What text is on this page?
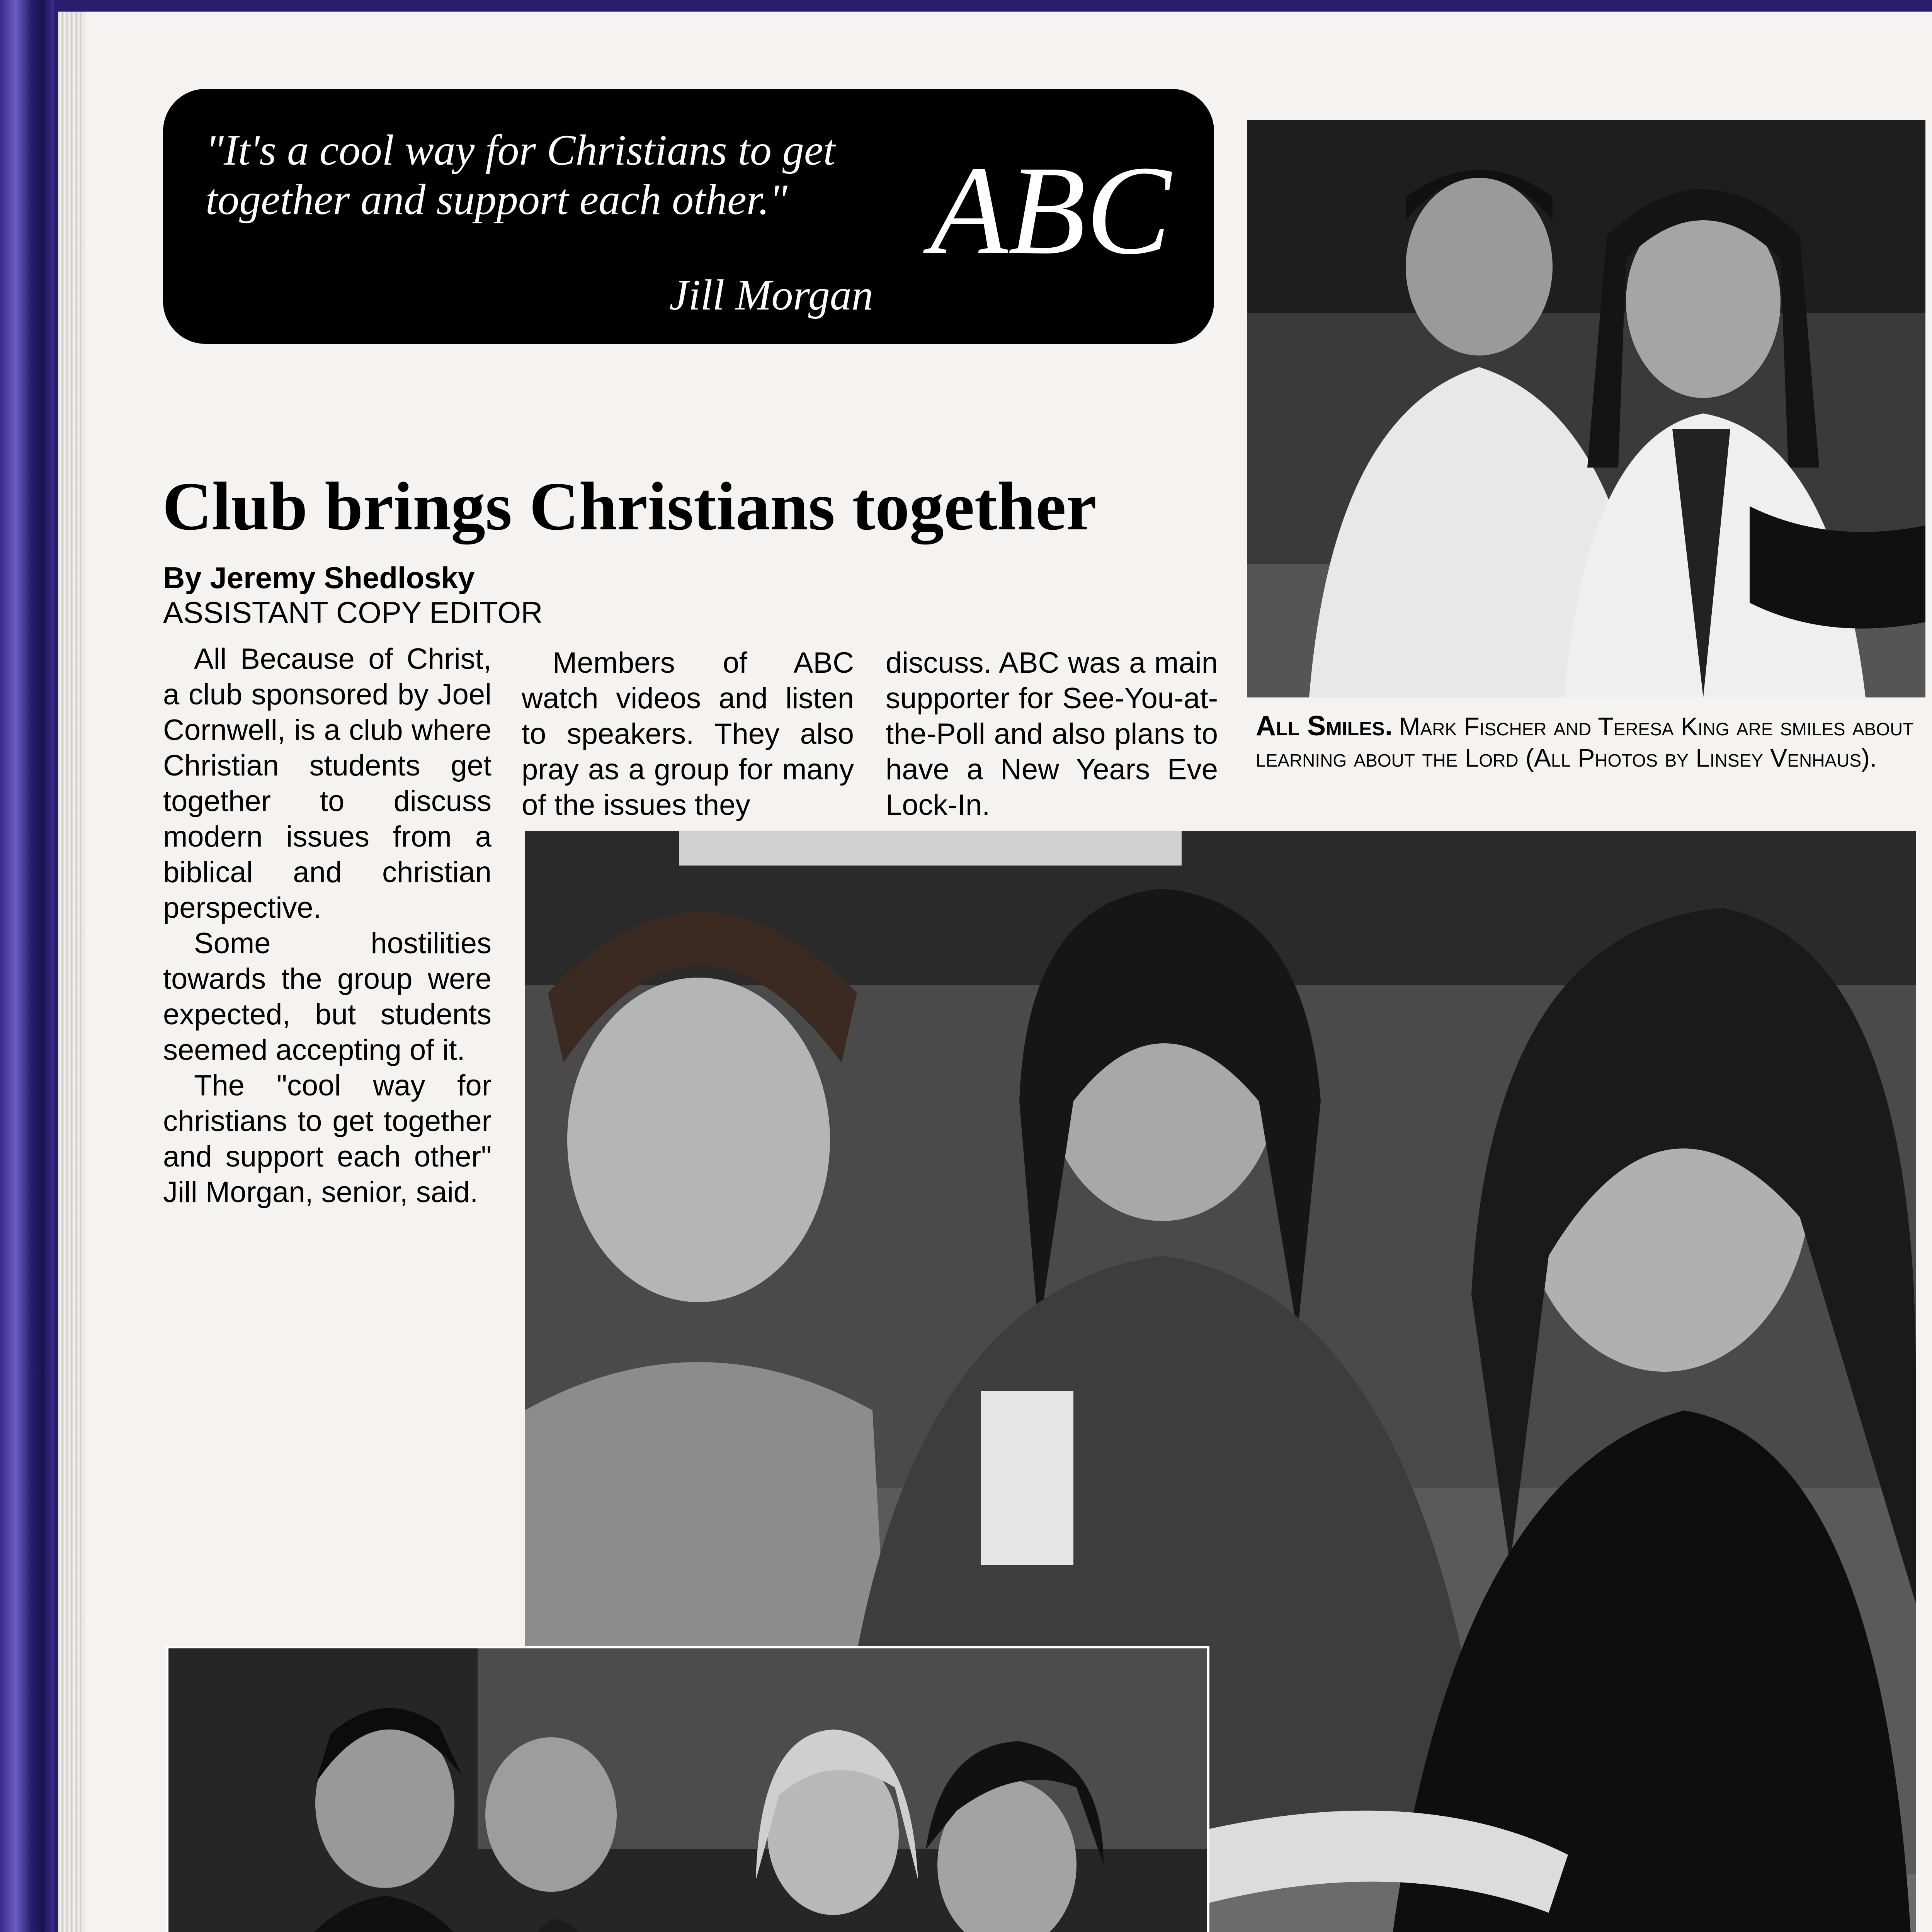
"It's a cool way for Christians to get together and support each other."
Jill Morgan
ABC
Club brings Christians together
By Jeremy Shedlosky
ASSISTANT COPY EDITOR

All Because of Christ, a club sponsored by Joel Cornwell, is a club where Christian students get together to discuss modern issues from a biblical and christian perspective.

Some hostilities towards the group were expected, but students seemed accepting of it.

The "cool way for christians to get together and support each other" Jill Morgan, senior, said.

Members of ABC watch videos and listen to speakers. They also pray as a group for many of the issues they

discuss. ABC was a main supporter for See-You-at-the-Poll and also plans to have a New Years Eve Lock-In.

All Smiles. Mark Fischer and Teresa King are smiles about learning about the Lord (All Photos by Linsey Venhaus).
